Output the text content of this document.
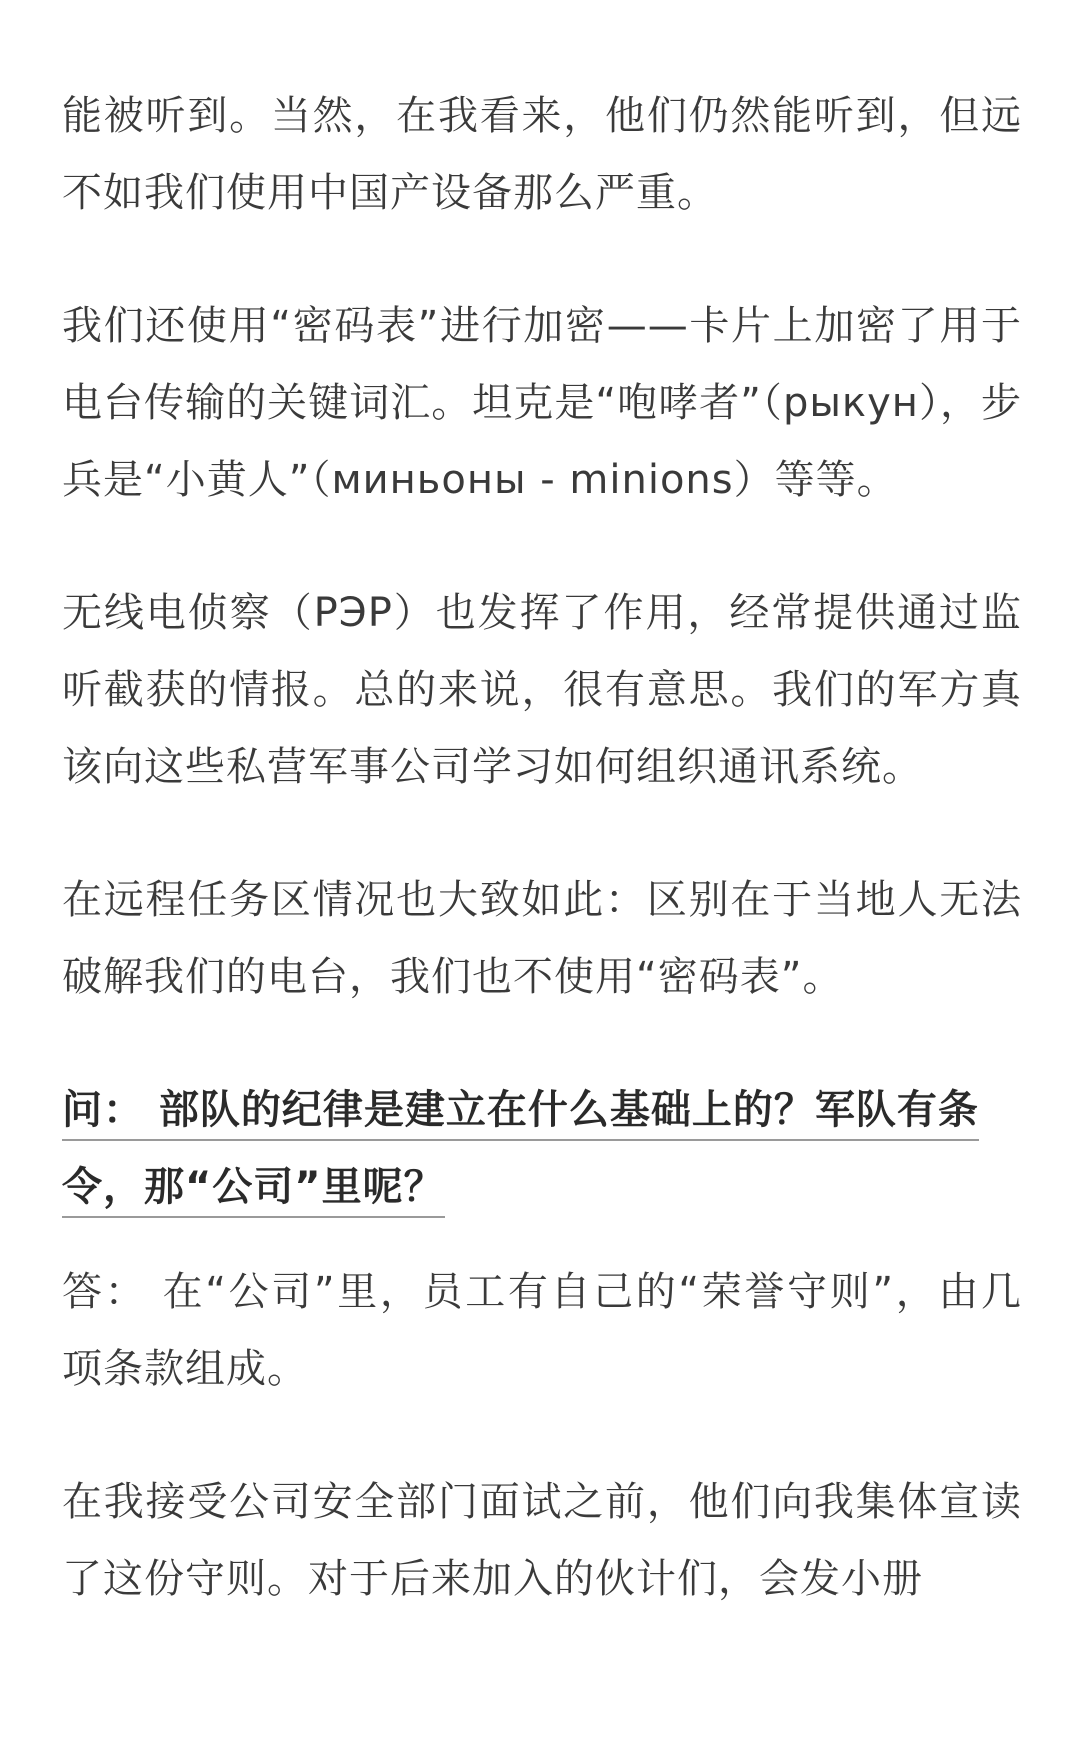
能被听到。当然，在我看来，他们仍然能听到，但远不如我们使用中国产设备那么严重。

我们还使用“密码表”进行加密——卡片上加密了用于电台传输的关键词汇。坦克是“咆哮者”（рыкун），步兵是“小黄人”（миньоны - minions）等等。

无线电侦察（РЭР）也发挥了作用，经常提供通过监听截获的情报。总的来说，很有意思。我们的军方真该向这些私营军事公司学习如何组织通讯系统。

在远程任务区情况也大致如此：区别在于当地人无法破解我们的电台，我们也不使用“密码表”。

问： 部队的纪律是建立在什么基础上的？军队有条令，那“公司”里呢？

答： 在“公司”里，员工有自己的“荣誉守则”，由几项条款组成。

在我接受公司安全部门面试之前，他们向我集体宣读了这份守则。对于后来加入的伙计们，会发小册
